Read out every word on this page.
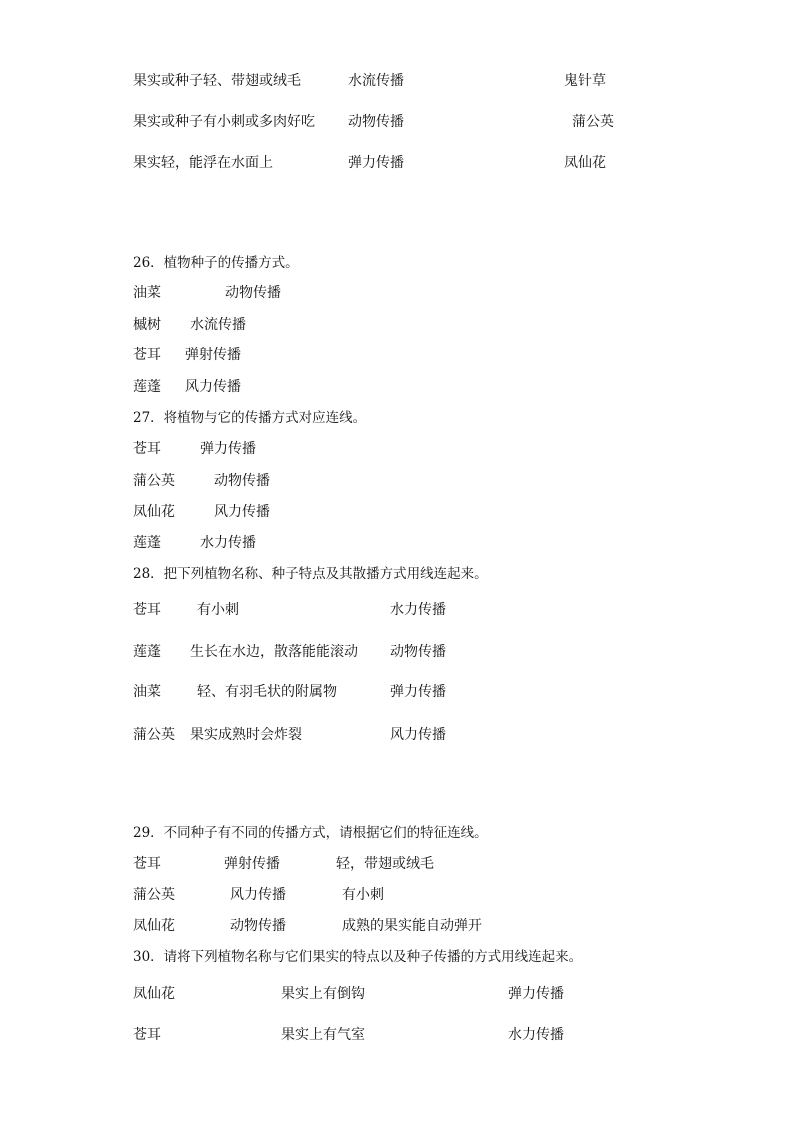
果实或种子轻、带翅或绒毛	水流传播	鬼针草
果实或种子有小刺或多肉好吃 动物传播	蒲公英
果实轻，能浮在水面上	弹力传播	凤仙花
26．植物种子的传播方式。
油菜	动物传播
槭树 水流传播
苍耳 弹射传播
莲蓬 风力传播
27．将植物与它的传播方式对应连线。
苍耳	弹力传播
蒲公英	动物传播
凤仙花	风力传播
莲蓬	水力传播
28．把下列植物名称、种子特点及其散播方式用线连起来。
苍耳	有小刺	水力传播
莲蓬 生长在水边，散落能能滚动 动物传播
油菜	轻、有羽毛状的附属物	弹力传播
蒲公英 果实成熟时会炸裂	风力传播
29．不同种子有不同的传播方式，请根据它们的特征连线。
苍耳	弹射传播	轻，带翅或绒毛
蒲公英	风力传播	有小刺
凤仙花	动物传播	成熟的果实能自动弹开
30．请将下列植物名称与它们果实的特点以及种子传播的方式用线连起来。
凤仙花	果实上有倒钩	弹力传播
苍耳	果实上有气室	水力传播
